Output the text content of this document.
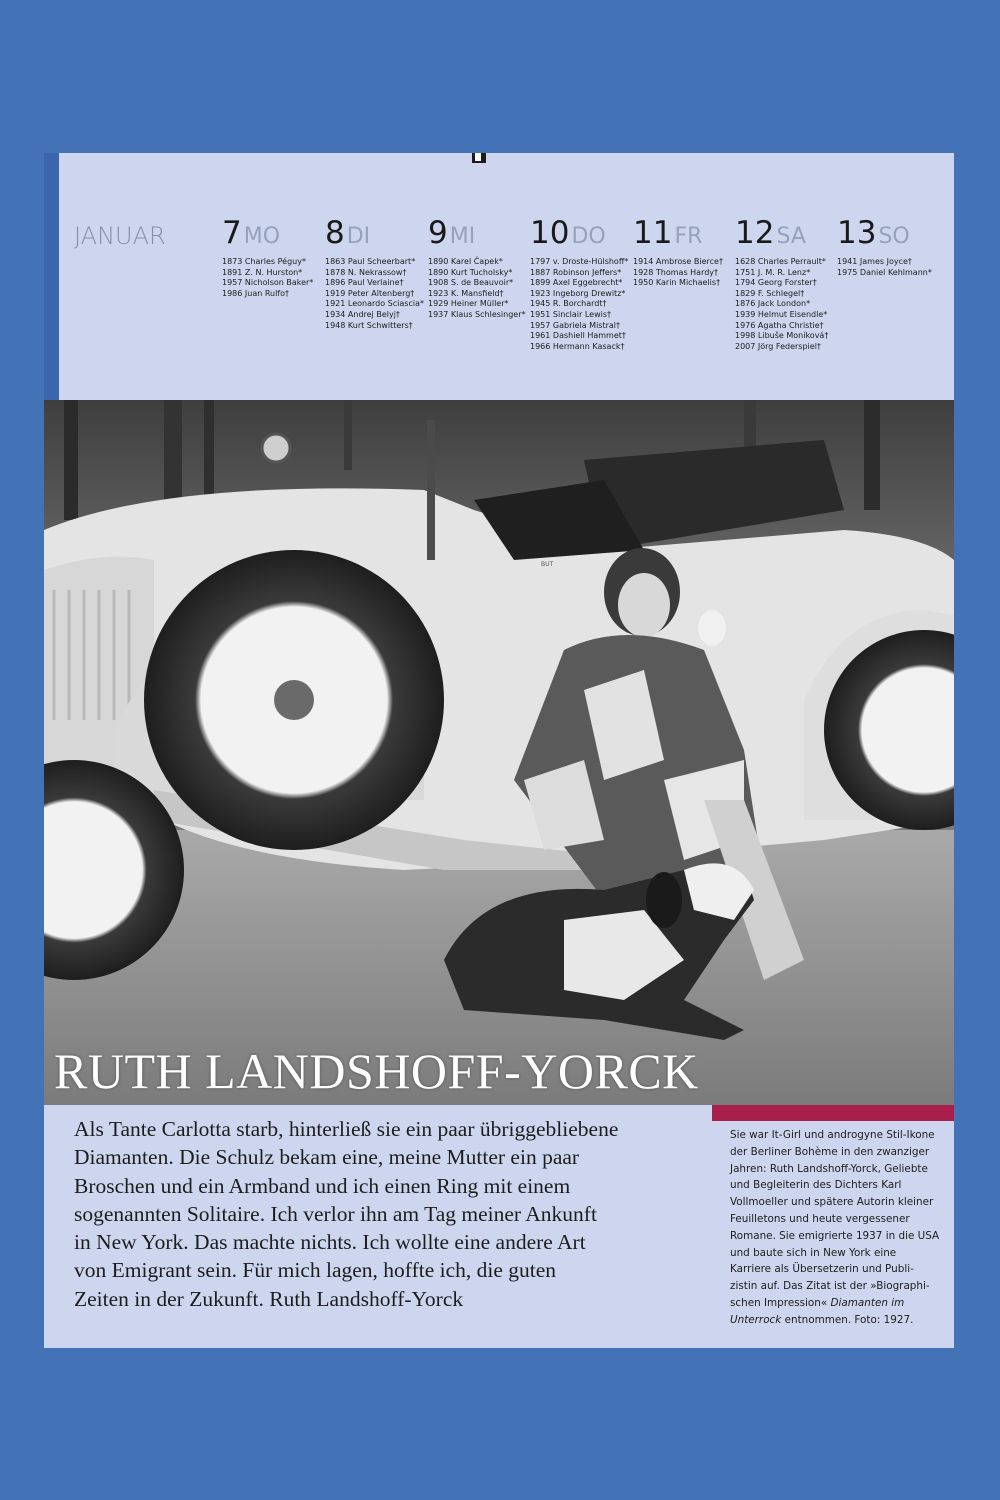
JANUAR 7MO
1873 Charles Péguy*
1891 Z. N. Hurston*
1957 Nicholson Baker*
1986 Juan Rulfo†
8DI
1863 Paul Scheerbart*
1878 N. Nekrassow†
1896 Paul Verlaine†
1919 Peter Altenberg†
1921 Leonardo Sciascia*
1934 Andrej Belyj†
1948 Kurt Schwitters†
9MI
1890 Karel Čapek*
1890 Kurt Tucholsky*
1908 S. de Beauvoir*
1923 K. Mansfield†
1929 Heiner Müller*
1937 Klaus Schlesinger*
10DO
1797 v. Droste-Hülshoff*
1887 Robinson Jeffers*
1899 Axel Eggebrecht*
1923 Ingeborg Drewitz*
1945 R. Borchardt†
1951 Sinclair Lewis†
1957 Gabriela Mistral†
1961 Dashiell Hammet†
1966 Hermann Kasack†
11FR
1914 Ambrose Bierce†
1928 Thomas Hardy†
1950 Karin Michaelis†
12SA
1628 Charles Perrault*
1751 J. M. R. Lenz*
1794 Georg Forster†
1829 F. Schlegel†
1876 Jack London*
1939 Helmut Eisendle*
1976 Agatha Christie†
1998 Libuše Moníková†
2007 Jörg Federspiel†
13SO
1941 James Joyce†
1975 Daniel Kehlmann*
BUT
RUTH LANDSHOFF-YORCK
Als Tante Carlotta starb, hinterließ sie ein paar übriggebliebene
Diamanten. Die Schulz bekam eine, meine Mutter ein paar
Broschen und ein Armband und ich einen Ring mit einem
sogenannten Solitaire. Ich verlor ihn am Tag meiner Ankunft
in New York. Das machte nichts. Ich wollte eine andere Art
von Emigrant sein. Für mich lagen, hoffte ich, die guten
Zeiten in der Zukunft. Ruth Landshoff-Yorck
Sie war It-Girl und androgyne Stil-Ikone
der Berliner Bohème in den zwanziger
Jahren: Ruth Landshoff-Yorck, Geliebte
und Begleiterin des Dichters Karl
Vollmoeller und spätere Autorin kleiner
Feuilletons und heute vergessener
Romane. Sie emigrierte 1937 in die USA
und baute sich in New York eine
Karriere als Übersetzerin und Publi-
zistin auf. Das Zitat ist der »Biographi-
schen Impression« Diamanten im
Unterrock entnommen. Foto: 1927.
